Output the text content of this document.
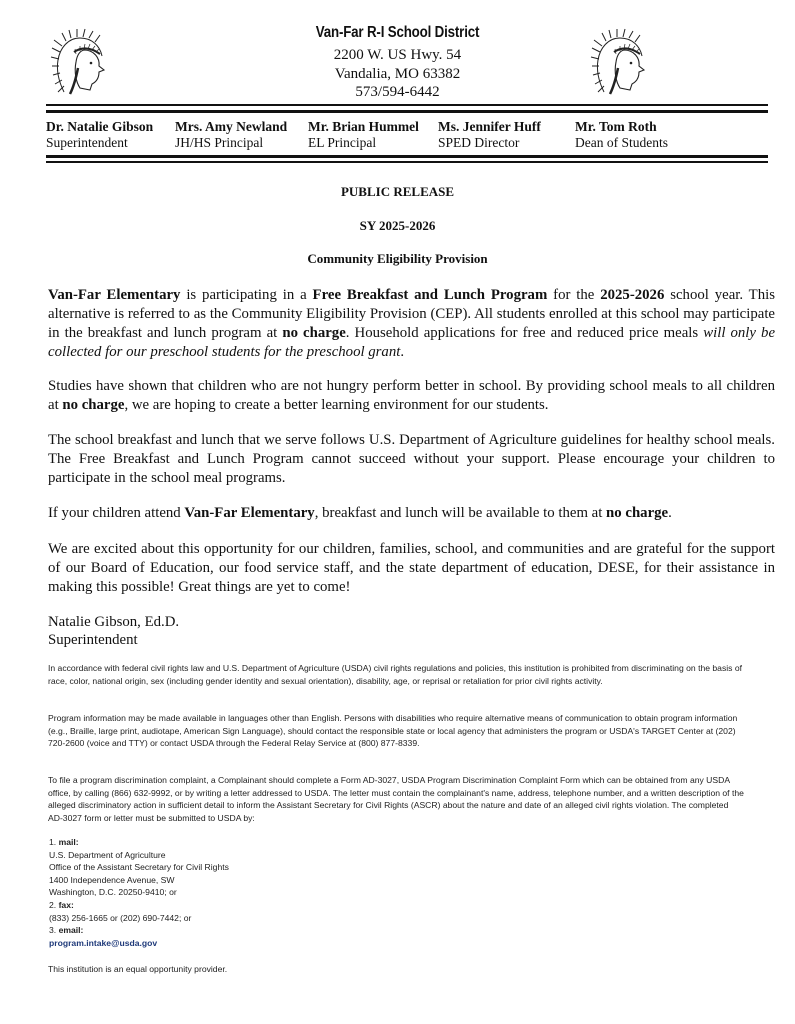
Van-Far R-I School District
2200 W. US Hwy. 54
Vandalia, MO 63382
573/594-6442
Dr. Natalie Gibson
Superintendent
Mrs. Amy Newland
JH/HS Principal
Mr. Brian Hummel
EL Principal
Ms. Jennifer Huff
SPED Director
Mr. Tom Roth
Dean of Students
PUBLIC RELEASE
SY 2025-2026
Community Eligibility Provision
Van-Far Elementary is participating in a Free Breakfast and Lunch Program for the 2025-2026 school year. This alternative is referred to as the Community Eligibility Provision (CEP). All students enrolled at this school may participate in the breakfast and lunch program at no charge. Household applications for free and reduced price meals will only be collected for our preschool students for the preschool grant.
Studies have shown that children who are not hungry perform better in school. By providing school meals to all children at no charge, we are hoping to create a better learning environment for our students.
The school breakfast and lunch that we serve follows U.S. Department of Agriculture guidelines for healthy school meals. The Free Breakfast and Lunch Program cannot succeed without your support. Please encourage your children to participate in the school meal programs.
If your children attend Van-Far Elementary, breakfast and lunch will be available to them at no charge.
We are excited about this opportunity for our children, families, school, and communities and are grateful for the support of our Board of Education, our food service staff, and the state department of education, DESE, for their assistance in making this possible! Great things are yet to come!
Natalie Gibson, Ed.D.
Superintendent
In accordance with federal civil rights law and U.S. Department of Agriculture (USDA) civil rights regulations and policies, this institution is prohibited from discriminating on the basis of race, color, national origin, sex (including gender identity and sexual orientation), disability, age, or reprisal or retaliation for prior civil rights activity.
Program information may be made available in languages other than English. Persons with disabilities who require alternative means of communication to obtain program information (e.g., Braille, large print, audiotape, American Sign Language), should contact the responsible state or local agency that administers the program or USDA's TARGET Center at (202) 720-2600 (voice and TTY) or contact USDA through the Federal Relay Service at (800) 877-8339.
To file a program discrimination complaint, a Complainant should complete a Form AD-3027, USDA Program Discrimination Complaint Form which can be obtained from any USDA office, by calling (866) 632-9992, or by writing a letter addressed to USDA. The letter must contain the complainant's name, address, telephone number, and a written description of the alleged discriminatory action in sufficient detail to inform the Assistant Secretary for Civil Rights (ASCR) about the nature and date of an alleged civil rights violation. The completed AD-3027 form or letter must be submitted to USDA by:
1. mail:
U.S. Department of Agriculture
Office of the Assistant Secretary for Civil Rights
1400 Independence Avenue, SW
Washington, D.C. 20250-9410; or
2. fax:
(833) 256-1665 or (202) 690-7442; or
3. email:
program.intake@usda.gov
This institution is an equal opportunity provider.
